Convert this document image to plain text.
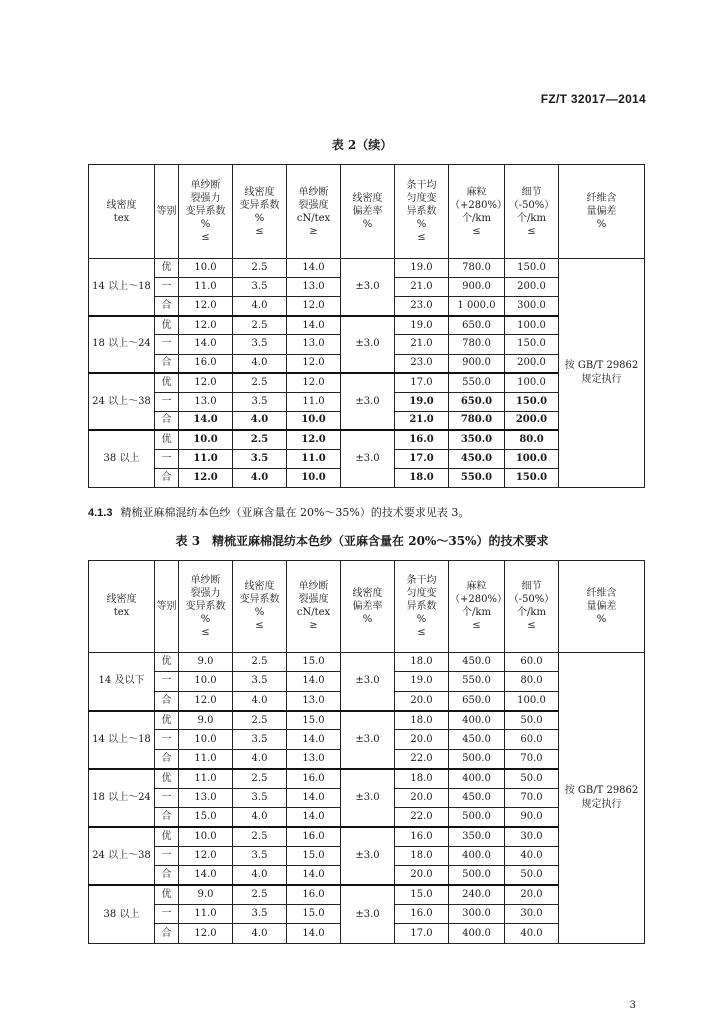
FZ/T 32017—2014
表 2（续）
线密度
tex	等别	单纱断
裂强力
变异系数
%
≤	线密度
变异系数
%
≤	单纱断
裂强度
cN/tex
≥	线密度
偏差率
%	条干均
匀度变
异系数
%
≤	麻粒
（+280%）
个/km
≤	细节
（-50%）
个/km
≤	纤维含
量偏差
%

14 以上～18	优	10.0	2.5	14.0	±3.0	19.0	780.0	150.0	按 GB/T 29862
规定执行

	一	11.0	3.5	13.0		21.0	900.0	200.0	
	合	12.0	4.0	12.0		23.0	1 000.0	300.0	
18 以上～24	优	12.0	2.5	14.0	±3.0	19.0	650.0	100.0	
	一	14.0	3.5	13.0		21.0	780.0	150.0	
	合	16.0	4.0	12.0		23.0	900.0	200.0	
24 以上～38	优	12.0	2.5	12.0	±3.0	17.0	550.0	100.0	
	一	13.0	3.5	11.0		19.0	650.0	150.0	
	合	14.0	4.0	10.0		21.0	780.0	200.0	
38 以上	优	10.0	2.5	12.0	±3.0	16.0	350.0	80.0	
	一	11.0	3.5	11.0		17.0	450.0	100.0	
	合	12.0	4.0	10.0		18.0	550.0	150.0	
4.1.3 精梳亚麻棉混纺本色纱（亚麻含量在 20%～35%）的技术要求见表 3。
表 3　精梳亚麻棉混纺本色纱（亚麻含量在 20%～35%）的技术要求
线密度
tex	等别	单纱断
裂强力
变异系数
%
≤	线密度
变异系数
%
≤	单纱断
裂强度
cN/tex
≥	线密度
偏差率
%	条干均
匀度变
异系数
%
≤	麻粒
（+280%）
个/km
≤	细节
（-50%）
个/km
≤	纤维含
量偏差
%

14 及以下	优	9.0	2.5	15.0	±3.0	18.0	450.0	60.0	按 GB/T 29862
规定执行

	一	10.0	3.5	14.0		19.0	550.0	80.0	
	合	12.0	4.0	13.0		20.0	650.0	100.0	
14 以上～18	优	9.0	2.5	15.0	±3.0	18.0	400.0	50.0	
	一	10.0	3.5	14.0		20.0	450.0	60.0	
	合	11.0	4.0	13.0		22.0	500.0	70.0	
18 以上～24	优	11.0	2.5	16.0	±3.0	18.0	400.0	50.0	
	一	13.0	3.5	14.0		20.0	450.0	70.0	
	合	15.0	4.0	14.0		22.0	500.0	90.0	
24 以上～38	优	10.0	2.5	16.0	±3.0	16.0	350.0	30.0	
	一	12.0	3.5	15.0		18.0	400.0	40.0	
	合	14.0	4.0	14.0		20.0	500.0	50.0	
38 以上	优	9.0	2.5	16.0	±3.0	15.0	240.0	20.0	
	一	11.0	3.5	15.0		16.0	300.0	30.0	
	合	12.0	4.0	14.0		17.0	400.0	40.0	
3
